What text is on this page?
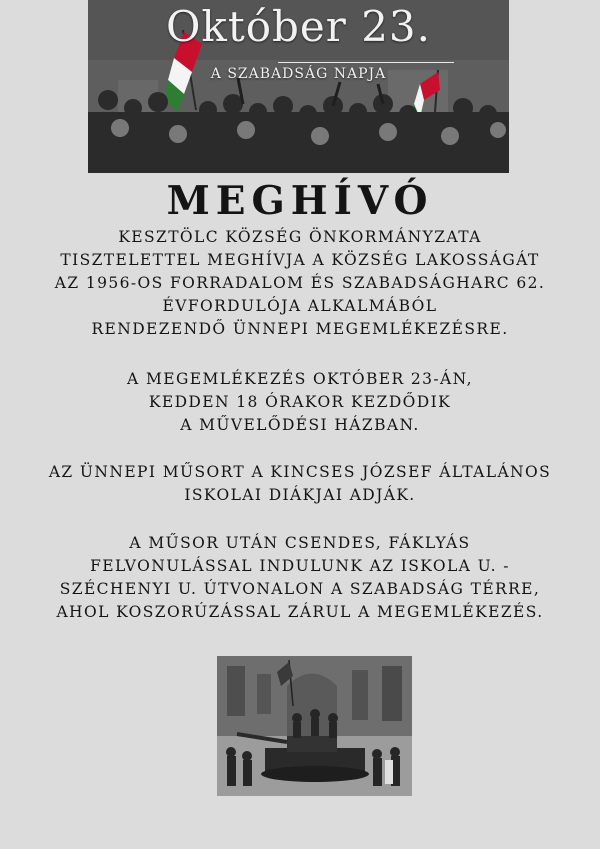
Október 23.
A SZABADSÁG NAPJA
MEGHÍVÓ
KESZTÖLC KÖZSÉG ÖNKORMÁNYZATA
TISZTELETTEL MEGHÍVJA A KÖZSÉG LAKOSSÁGÁT
AZ 1956-OS FORRADALOM ÉS SZABADSÁGHARC 62.
ÉVFORDULÓJA ALKALMÁBÓL
RENDEZENDŐ ÜNNEPI MEGEMLÉKEZÉSRE.
A MEGEMLÉKEZÉS OKTÓBER 23-ÁN,
KEDDEN 18 ÓRAKOR KEZDŐDIK
A MŰVELŐDÉSI HÁZBAN.
AZ ÜNNEPI MŰSORT A KINCSES JÓZSEF ÁLTALÁNOS
ISKOLAI DIÁKJAI ADJÁK.
A MŰSOR UTÁN CSENDES, FÁKLYÁS
FELVONULÁSSAL INDULUNK AZ ISKOLA U. -
SZÉCHENYI U. ÚTVONALON A SZABADSÁG TÉRRE,
AHOL KOSZORÚZÁSSAL ZÁRUL A MEGEMLÉKEZÉS.
